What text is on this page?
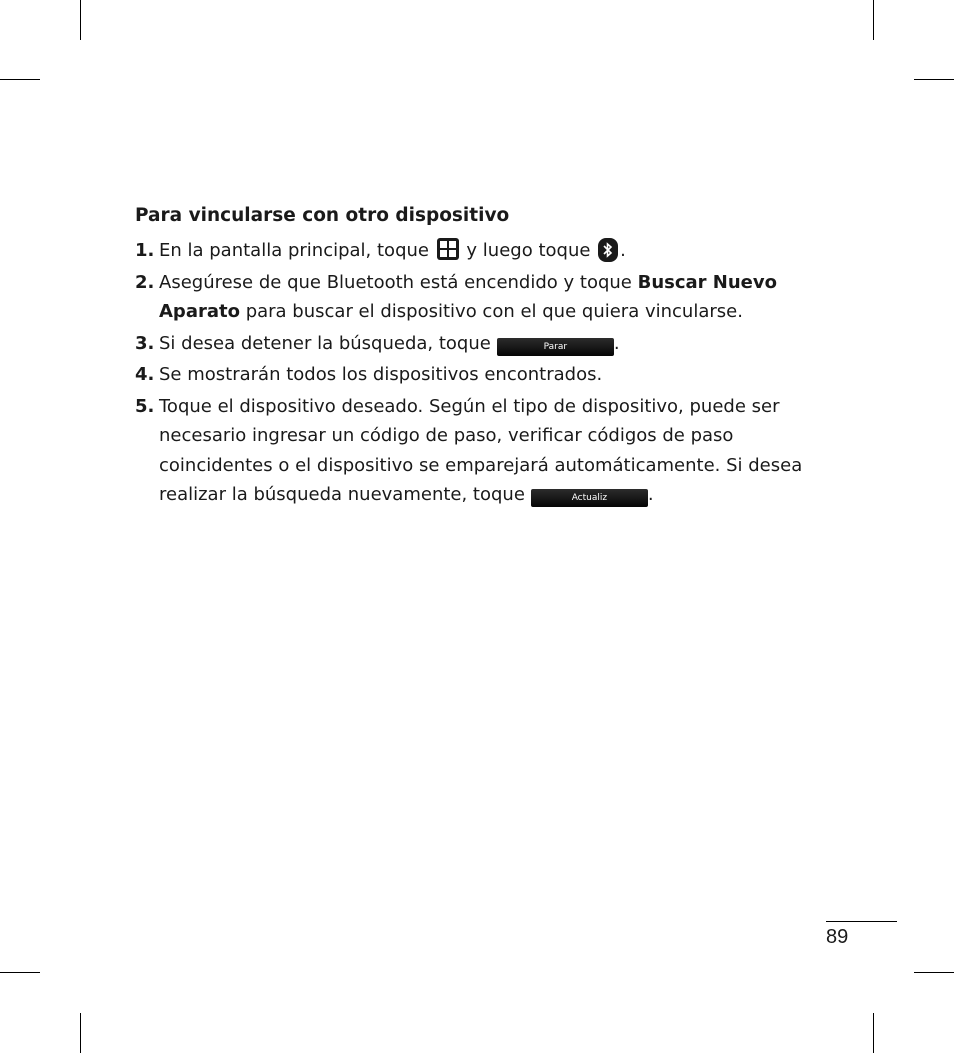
Para vincularse con otro dispositivo
1. En la pantalla principal, toque
y luego toque
.
2. Asegúrese de que Bluetooth está encendido y toque Buscar Nuevo Aparato para buscar el dispositivo con el que quiera vincularse.
3. Si desea detener la búsqueda, toque	Parar	.
4. Se mostrarán todos los dispositivos encontrados.
5. Toque el dispositivo deseado. Según el tipo de dispositivo, puede ser necesario ingresar un código de paso, verificar códigos de paso coincidentes o el dispositivo se emparejará automáticamente. Si desea realizar la búsqueda nuevamente, toque	Actualiz .
89
